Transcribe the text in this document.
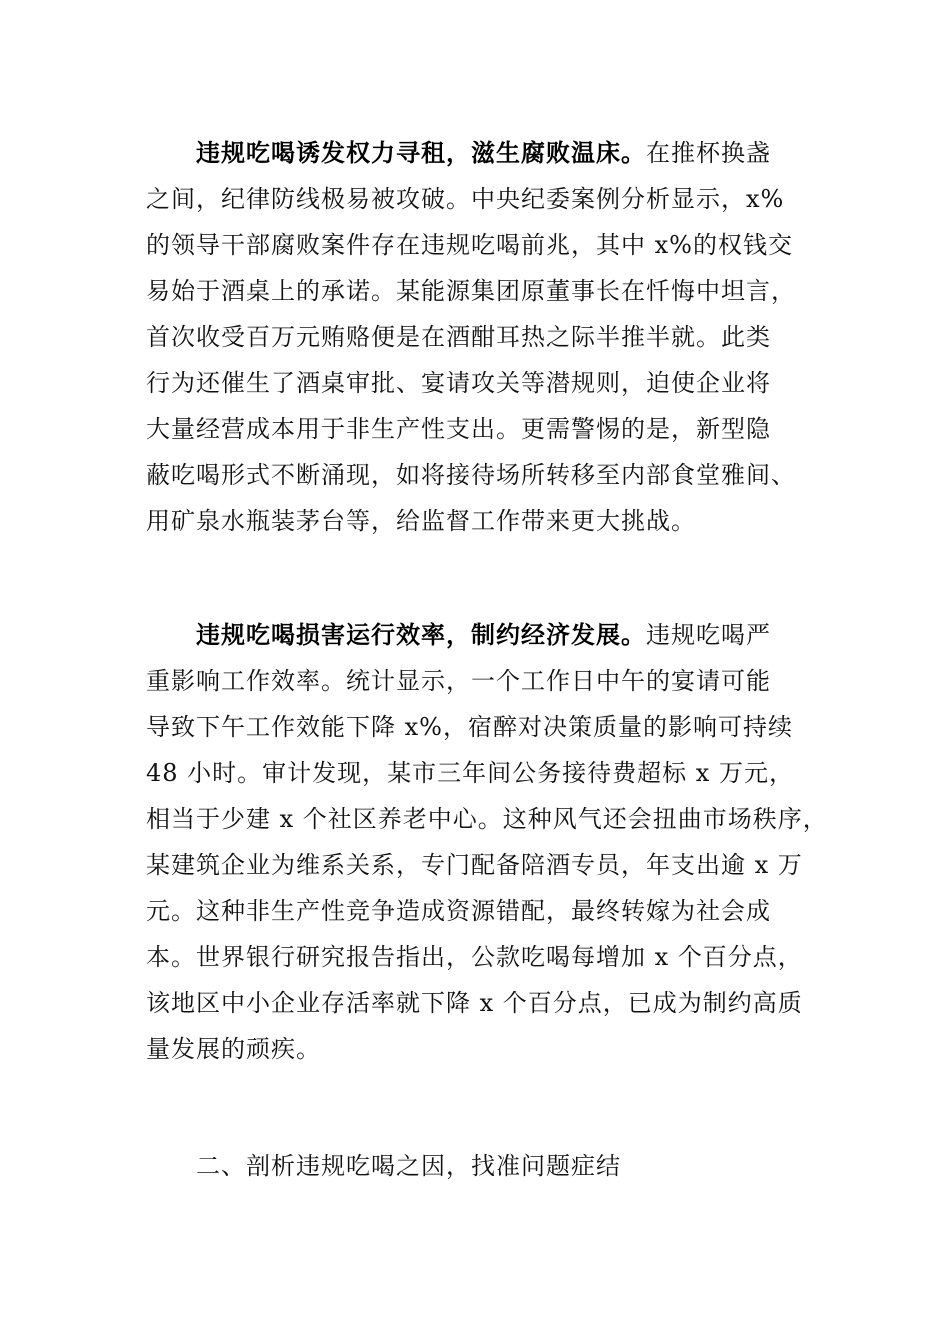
违规吃喝诱发权力寻租，滋生腐败温床。在推杯换盏
之间，纪律防线极易被攻破。中央纪委案例分析显示，x%
的领导干部腐败案件存在违规吃喝前兆，其中 x%的权钱交
易始于酒桌上的承诺。某能源集团原董事长在忏悔中坦言，
首次收受百万元贿赂便是在酒酣耳热之际半推半就。此类
行为还催生了酒桌审批、宴请攻关等潜规则，迫使企业将
大量经营成本用于非生产性支出。更需警惕的是，新型隐
蔽吃喝形式不断涌现，如将接待场所转移至内部食堂雅间、
用矿泉水瓶装茅台等，给监督工作带来更大挑战。
违规吃喝损害运行效率，制约经济发展。违规吃喝严
重影响工作效率。统计显示，一个工作日中午的宴请可能
导致下午工作效能下降 x%，宿醉对决策质量的影响可持续
48 小时。审计发现，某市三年间公务接待费超标 x 万元，
相当于少建 x 个社区养老中心。这种风气还会扭曲市场秩序，
某建筑企业为维系关系，专门配备陪酒专员，年支出逾 x 万
元。这种非生产性竞争造成资源错配，最终转嫁为社会成
本。世界银行研究报告指出，公款吃喝每增加 x 个百分点，
该地区中小企业存活率就下降 x 个百分点，已成为制约高质
量发展的顽疾。
二、剖析违规吃喝之因，找准问题症结
